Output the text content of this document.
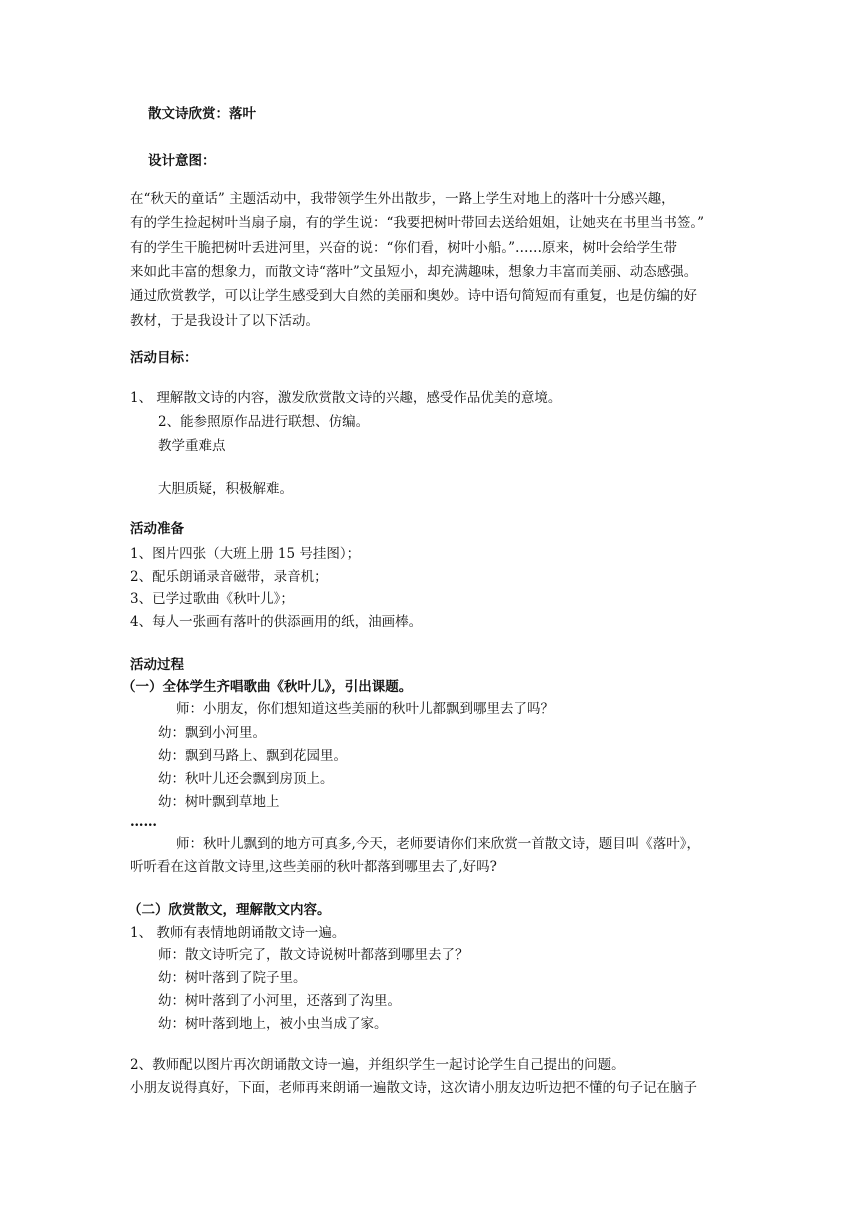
散文诗欣赏：落叶
设计意图：
在“秋天的童话” 主题活动中，我带领学生外出散步，一路上学生对地上的落叶十分感兴趣，
有的学生捡起树叶当扇子扇，有的学生说：“我要把树叶带回去送给姐姐，让她夹在书里当书签。”
有的学生干脆把树叶丢进河里，兴奋的说：“你们看，树叶小船。”……原来，树叶会给学生带
来如此丰富的想象力，而散文诗“落叶”文虽短小，却充满趣味，想象力丰富而美丽、动态感强。
通过欣赏教学，可以让学生感受到大自然的美丽和奥妙。诗中语句简短而有重复，也是仿编的好
教材，于是我设计了以下活动。
活动目标：
1、 理解散文诗的内容，激发欣赏散文诗的兴趣，感受作品优美的意境。
2、能参照原作品进行联想、仿编。
教学重难点
大胆质疑，积极解难。
活动准备
1、图片四张（大班上册 15 号挂图）；
2、配乐朗诵录音磁带，录音机；
3、已学过歌曲《秋叶儿》；
4、每人一张画有落叶的供添画用的纸，油画棒。
活动过程
（一）全体学生齐唱歌曲《秋叶儿》，引出课题。
师：小朋友，你们想知道这些美丽的秋叶儿都飘到哪里去了吗？
幼：飘到小河里。
幼：飘到马路上、飘到花园里。
幼：秋叶儿还会飘到房顶上。
幼：树叶飘到草地上
……
师：秋叶儿飘到的地方可真多,今天，老师要请你们来欣赏一首散文诗，题目叫《落叶》，
听听看在这首散文诗里,这些美丽的秋叶都落到哪里去了,好吗?
（二）欣赏散文，理解散文内容。
1、 教师有表情地朗诵散文诗一遍。
师：散文诗听完了，散文诗说树叶都落到哪里去了？
幼：树叶落到了院子里。
幼：树叶落到了小河里，还落到了沟里。
幼：树叶落到地上，被小虫当成了家。
2、教师配以图片再次朗诵散文诗一遍，并组织学生一起讨论学生自己提出的问题。
小朋友说得真好，下面，老师再来朗诵一遍散文诗，这次请小朋友边听边把不懂的句子记在脑子
